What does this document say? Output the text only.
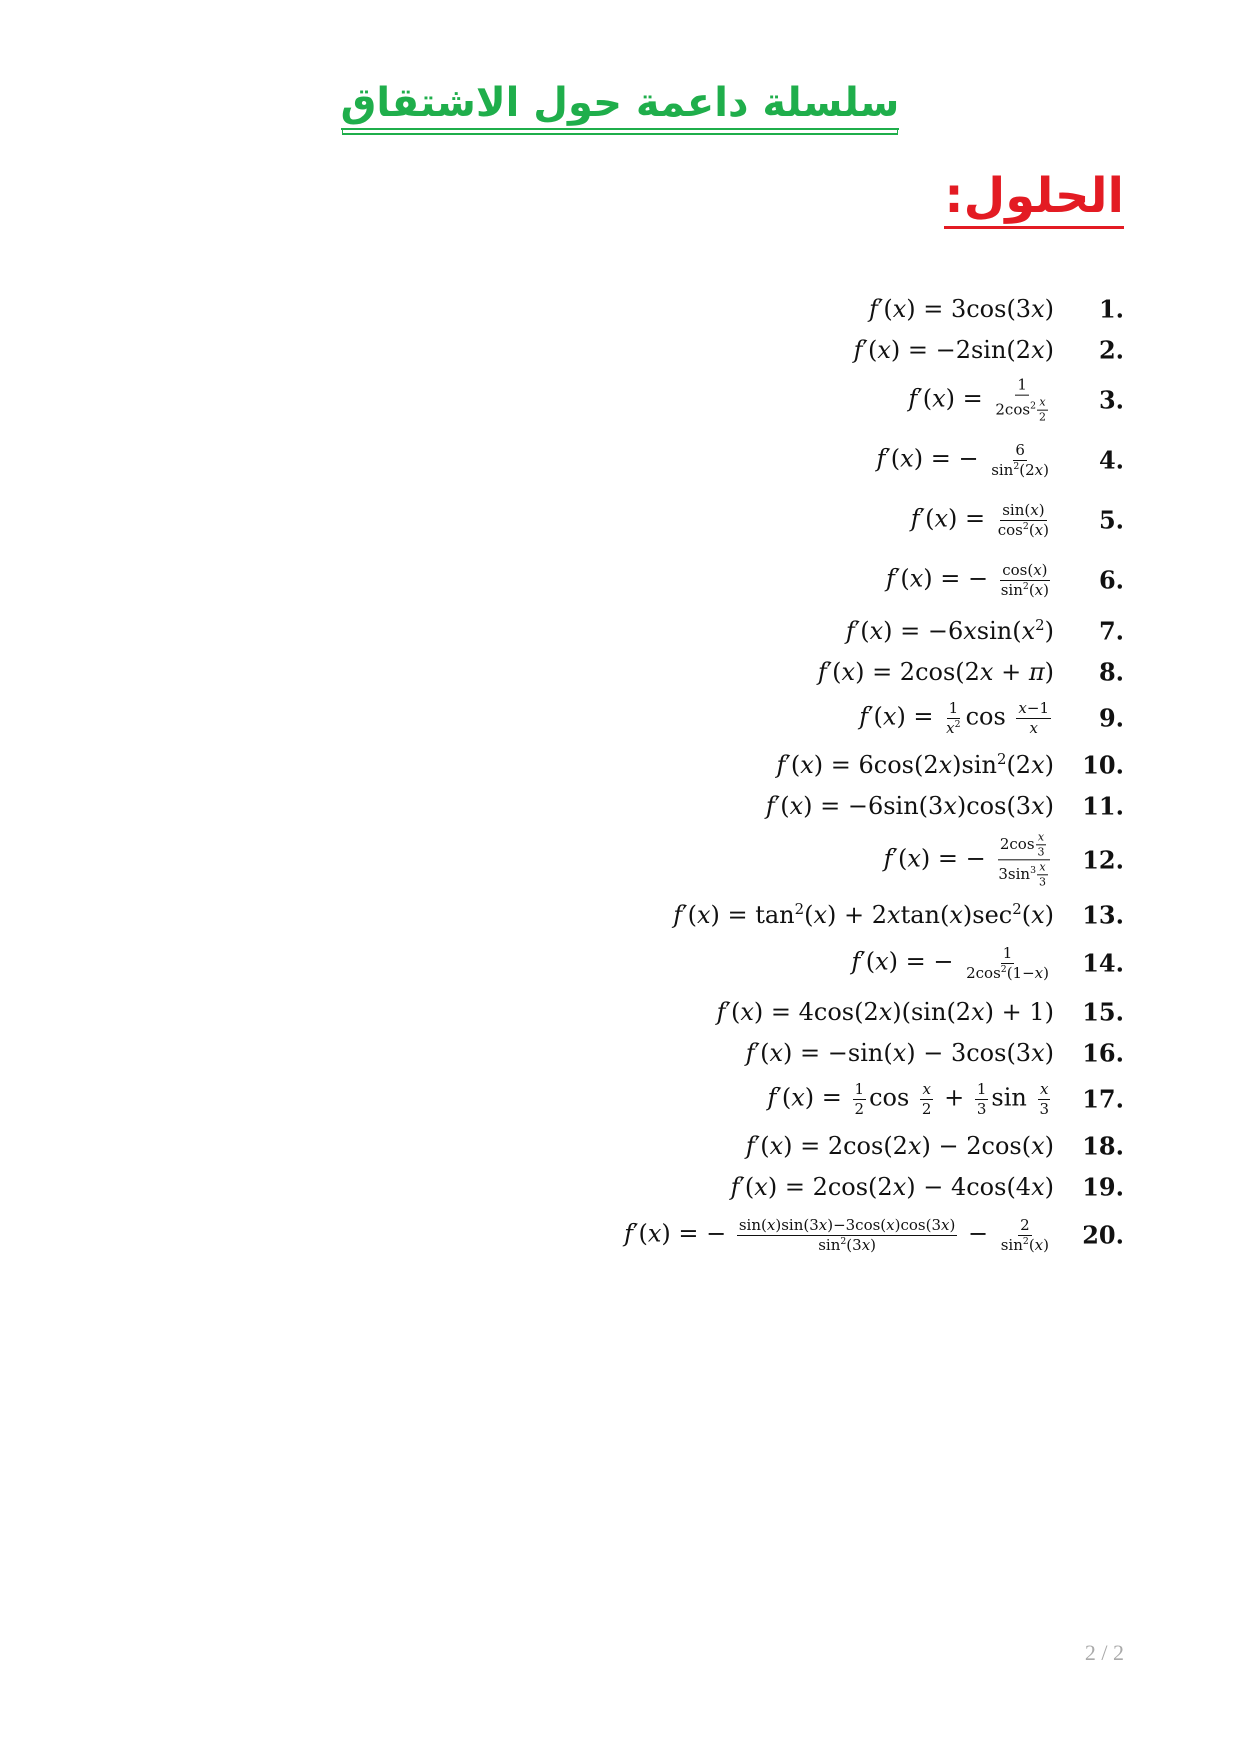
سلسلة داعمة حول الاشتقاق
الحلول:
.1
f′(x) = 3cos(3x)
.2
f′(x) = −2sin(2x)
.3
$f'(x) = \frac{1}{2\cos^2 \frac{x}{2}}$
.4
f′(x) = − $\frac{6}{\sin^2(2x)}$
.5
$f'(x) = \frac{\sin(x)}{\cos^2(x)}$
.6
f′(x) = − $\frac{\cos(x)}{\sin^2(x)}$
.7
$f'(x) = -6xsin(x^2)$
.8
f′(x) = 2cos(2x + π)
.9
$f'(x) = \frac{1}{x^2}$ $\cos \frac{x-1}{x}$
.10
$f'(x) = 6\cos(2x)\sin^2(2x)$
.11
f′(x) = −6sin(3x)cos(3x)
.12
f′(x) = − $\frac{2\cos \frac{x}{3}}{3\sin^3 \frac{x}{3}}$
.13
$f'(x) = \tan^2(x) + 2xtan(x)\sec^2(x)$
.14
f′(x) = − $\frac{1}{2\cos^2(1-x)}$
.15
f′(x) = 4cos(2x)(sin(2x) + 1)
.16
f′(x) = −sin(x) − 3cos(3x)
.17
$f'(x) = \frac{1}{2}$ $\cos \frac{x}{2} + \frac{1}{3}$ $\sin \frac{x}{3}$
.18
f′(x) = 2cos(2x) − 2cos(x)
.19
f′(x) = 2cos(2x) − 4cos(4x)
.20
f′(x) = − $\frac{\sin(x)\sin(3x)-3\cos(x)\cos(3x)}{\sin^2(3x)} - \frac{2}{\sin^2(x)}$
2 / 2
